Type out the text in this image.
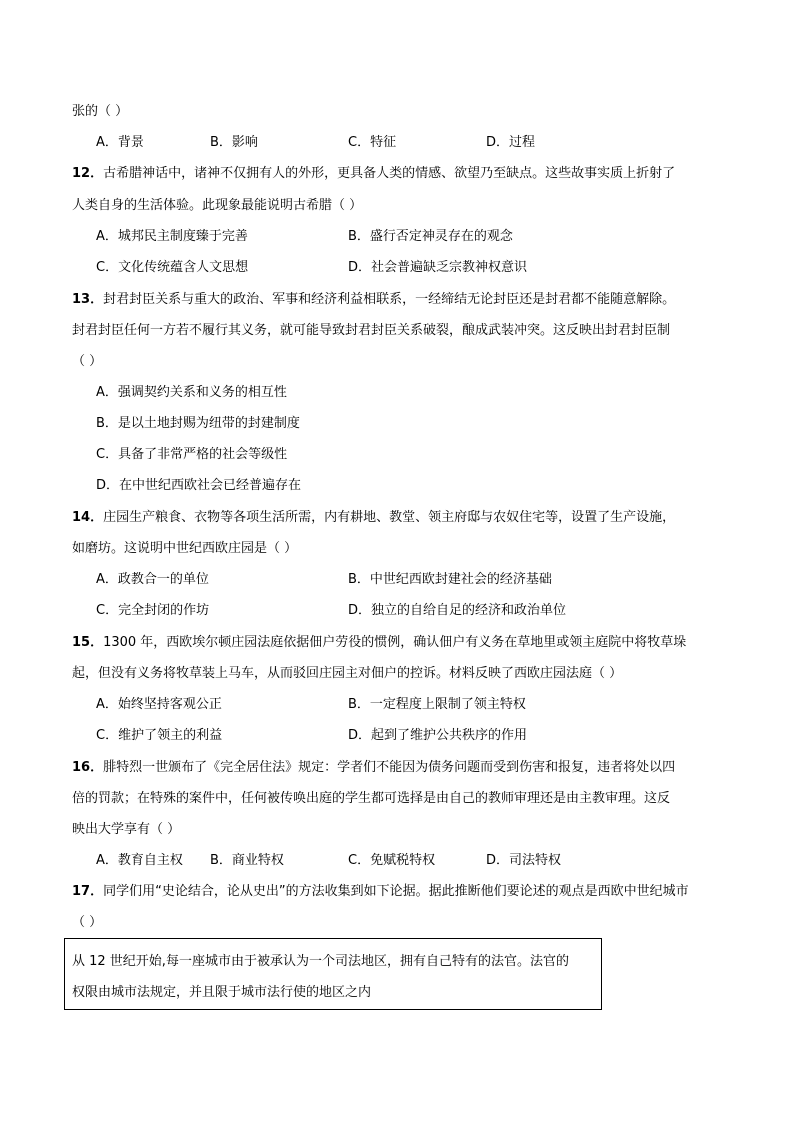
张的（ ）
A．背景	B．影响	C．特征	D．过程
12．古希腊神话中，诸神不仅拥有人的外形，更具备人类的情感、欲望乃至缺点。这些故事实质上折射了
人类自身的生活体验。此现象最能说明古希腊（ ）
A．城邦民主制度臻于完善	B．盛行否定神灵存在的观念
C．文化传统蕴含人文思想	D．社会普遍缺乏宗教神权意识
13．封君封臣关系与重大的政治、军事和经济利益相联系，一经缔结无论封臣还是封君都不能随意解除。
封君封臣任何一方若不履行其义务，就可能导致封君封臣关系破裂，酿成武装冲突。这反映出封君封臣制
（ ）
A．强调契约关系和义务的相互性
B．是以土地封赐为纽带的封建制度
C．具备了非常严格的社会等级性
D．在中世纪西欧社会已经普遍存在
14．庄园生产粮食、衣物等各项生活所需，内有耕地、教堂、领主府邸与农奴住宅等，设置了生产设施，
如磨坊。这说明中世纪西欧庄园是（ ）
A．政教合一的单位	B．中世纪西欧封建社会的经济基础
C．完全封闭的作坊	D．独立的自给自足的经济和政治单位
15．1300 年，西欧埃尔顿庄园法庭依据佃户劳役的惯例，确认佃户有义务在草地里或领主庭院中将牧草垛
起，但没有义务将牧草装上马车，从而驳回庄园主对佃户的控诉。材料反映了西欧庄园法庭（ ）
A．始终坚持客观公正	B．一定程度上限制了领主特权
C．维护了领主的利益	D．起到了维护公共秩序的作用
16．腓特烈一世颁布了《完全居住法》规定：学者们不能因为债务问题而受到伤害和报复，违者将处以四
倍的罚款；在特殊的案件中，任何被传唤出庭的学生都可选择是由自己的教师审理还是由主教审理。这反
映出大学享有（ ）
A．教育自主权 B．商业特权	C．免赋税特权	D．司法特权
17．同学们用“史论结合，论从史出”的方法收集到如下论据。据此推断他们要论述的观点是西欧中世纪城市
（ ）
从 12 世纪开始,每一座城市由于被承认为一个司法地区，拥有自己特有的法官。法官的
权限由城市法规定，并且限于城市法行使的地区之内
